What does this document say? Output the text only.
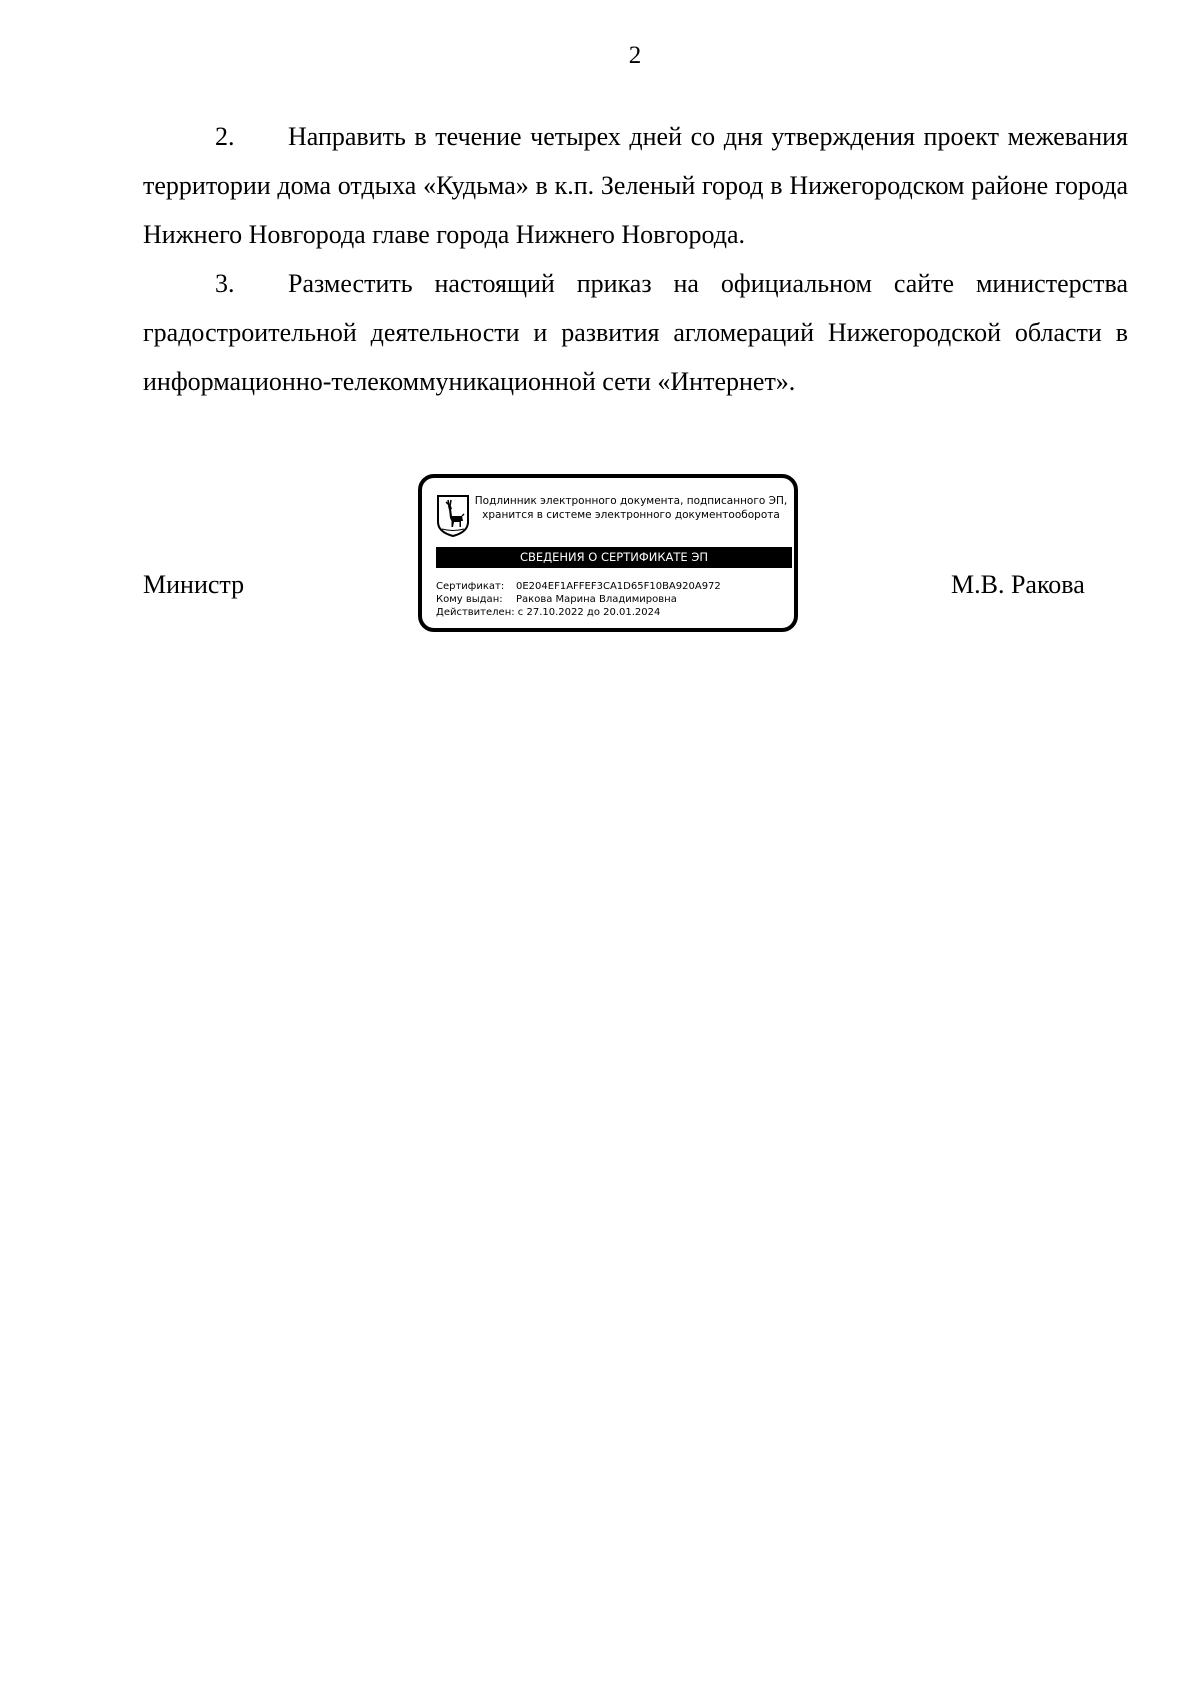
2

2. Направить в течение четырех дней со дня утверждения проект межевания территории дома отдыха «Кудьма» в к.п. Зеленый город в Нижегородском районе города Нижнего Новгорода главе города Нижнего Новгорода.

3. Разместить настоящий приказ на официальном сайте министерства градостроительной деятельности и развития агломераций Нижегородской области в информационно-телекоммуникационной сети «Интернет».

Министр	М.В. Ракова
Подлинник электронного документа, подписанного ЭП,
хранится в системе электронного документооборота
СВЕДЕНИЯ О СЕРТИФИКАТЕ ЭП
Сертификат: 0E204EF1AFFEF3CA1D65F10BA920A972
Кому выдан: Ракова Марина Владимировна
Действителен: с 27.10.2022 до 20.01.2024
